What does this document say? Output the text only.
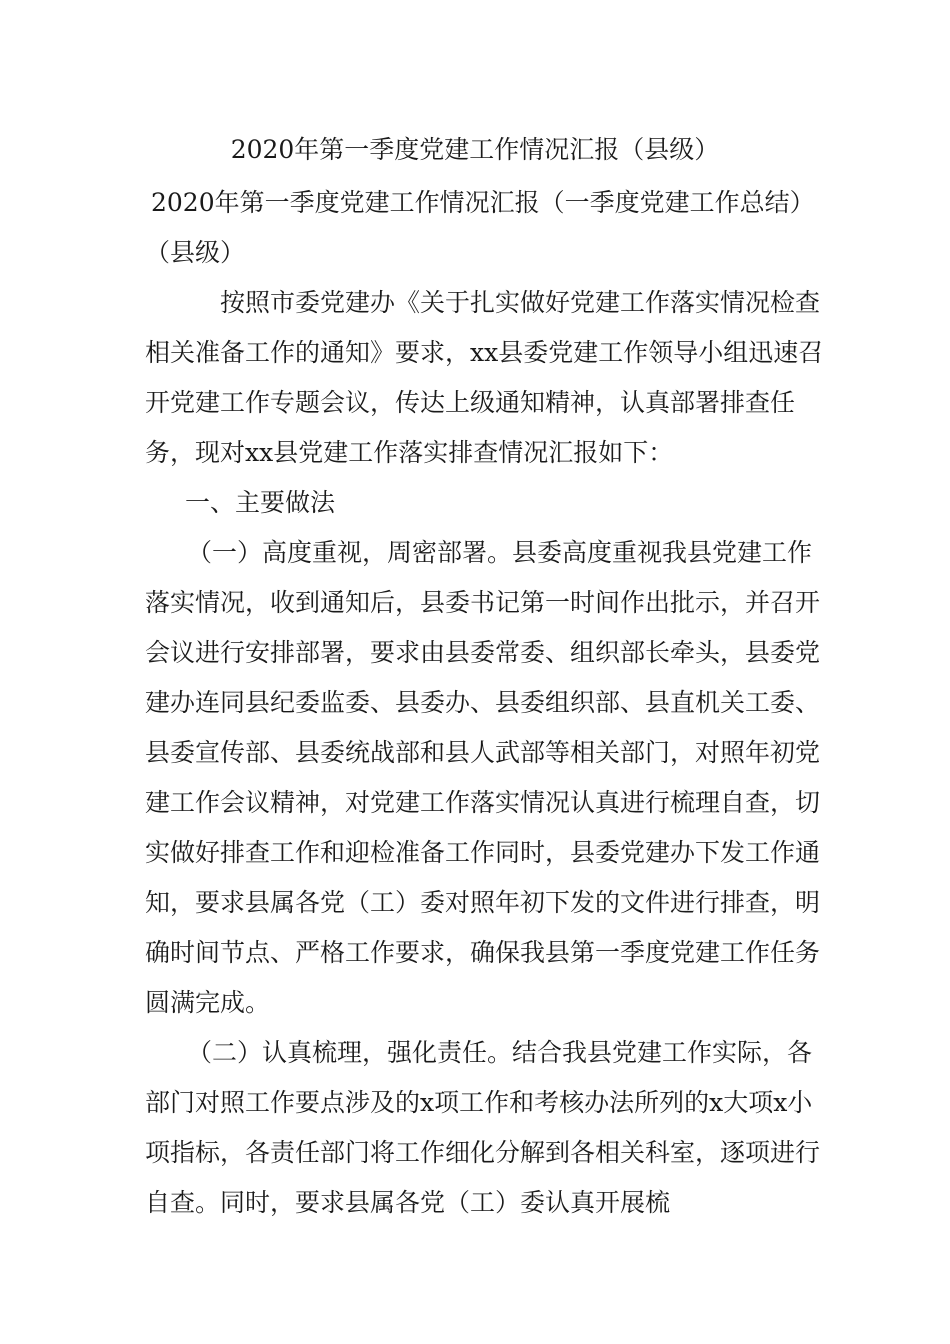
2020年第一季度党建工作情况汇报（县级）

2020年第一季度党建工作情况汇报（一季度党建工作总结）（县级）

按照市委党建办《关于扎实做好党建工作落实情况检查相关准备工作的通知》要求，xx县委党建工作领导小组迅速召开党建工作专题会议，传达上级通知精神，认真部署排查任务，现对xx县党建工作落实排查情况汇报如下：

一、主要做法

（一）高度重视，周密部署。县委高度重视我县党建工作落实情况，收到通知后，县委书记第一时间作出批示，并召开会议进行安排部署，要求由县委常委、组织部长牵头，县委党建办连同县纪委监委、县委办、县委组织部、县直机关工委、县委宣传部、县委统战部和县人武部等相关部门，对照年初党建工作会议精神，对党建工作落实情况认真进行梳理自查，切实做好排查工作和迎检准备工作同时，县委党建办下发工作通知，要求县属各党（工）委对照年初下发的文件进行排查，明确时间节点、严格工作要求，确保我县第一季度党建工作任务圆满完成。

（二）认真梳理，强化责任。结合我县党建工作实际，各部门对照工作要点涉及的x项工作和考核办法所列的x大项x小项指标，各责任部门将工作细化分解到各相关科室，逐项进行自查。同时，要求县属各党（工）委认真开展梳
